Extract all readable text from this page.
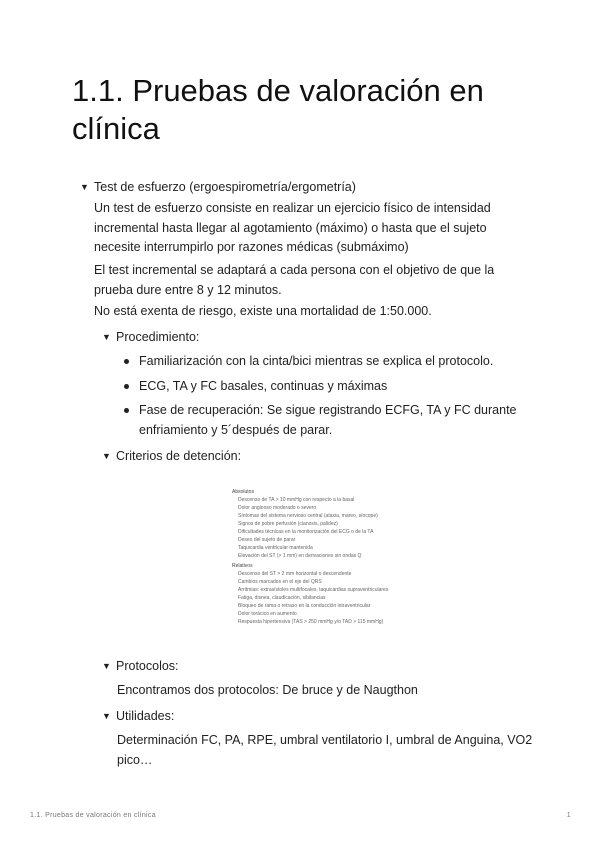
1.1. Pruebas de valoración en clínica
▼ Test de esfuerzo (ergoespirometría/ergometría)
Un test de esfuerzo consiste en realizar un ejercicio físico de intensidad incremental hasta llegar al agotamiento (máximo) o hasta que el sujeto necesite interrumpirlo por razones médicas (submáximo)
El test incremental se adaptará a cada persona con el objetivo de que la prueba dure entre 8 y 12 minutos.
No está exenta de riesgo, existe una mortalidad de 1:50.000.
▼ Procedimiento:
Familiarización con la cinta/bici mientras se explica el protocolo.
ECG, TA y FC basales, continuas y máximas
Fase de recuperación: Se sigue registrando ECFG, TA y FC durante enfriamiento y 5´después de parar.
▼ Criterios de detención:
Absolutos
Descenso de TA > 10 mmHg con respecto a la basal
Dolor anginoso moderado o severo
Síntomas del sistema nervioso central (ataxia, mareo, síncope)
Signos de pobre perfusión (cianosis, palidez)
Dificultades técnicas en la monitorización del ECG o de la TA
Deseo del sujeto de parar
Taquicardia ventricular mantenida
Elevación del ST (> 1 mm) en derivaciones sin ondas Q
Relativos
Descenso del ST > 2 mm horizontal o descendente
Cambios marcados en el eje del QRS
Arritmias: extrasístoles multifocales, taquicardias supraventriculares
Fatiga, disnea, claudicación, sibilancias
Bloqueo de rama o retraso en la conducción intraventricular
Dolor torácico en aumento
Respuesta hipertensiva (TAS > 250 mmHg y/o TAD > 115 mmHg)
▼ Protocolos:
Encontramos dos protocolos: De bruce y de Naugthon
▼ Utilidades:
Determinación FC, PA, RPE, umbral ventilatorio I, umbral de Anguina, VO2 pico…
1.1. Pruebas de valoración en clínica	1
